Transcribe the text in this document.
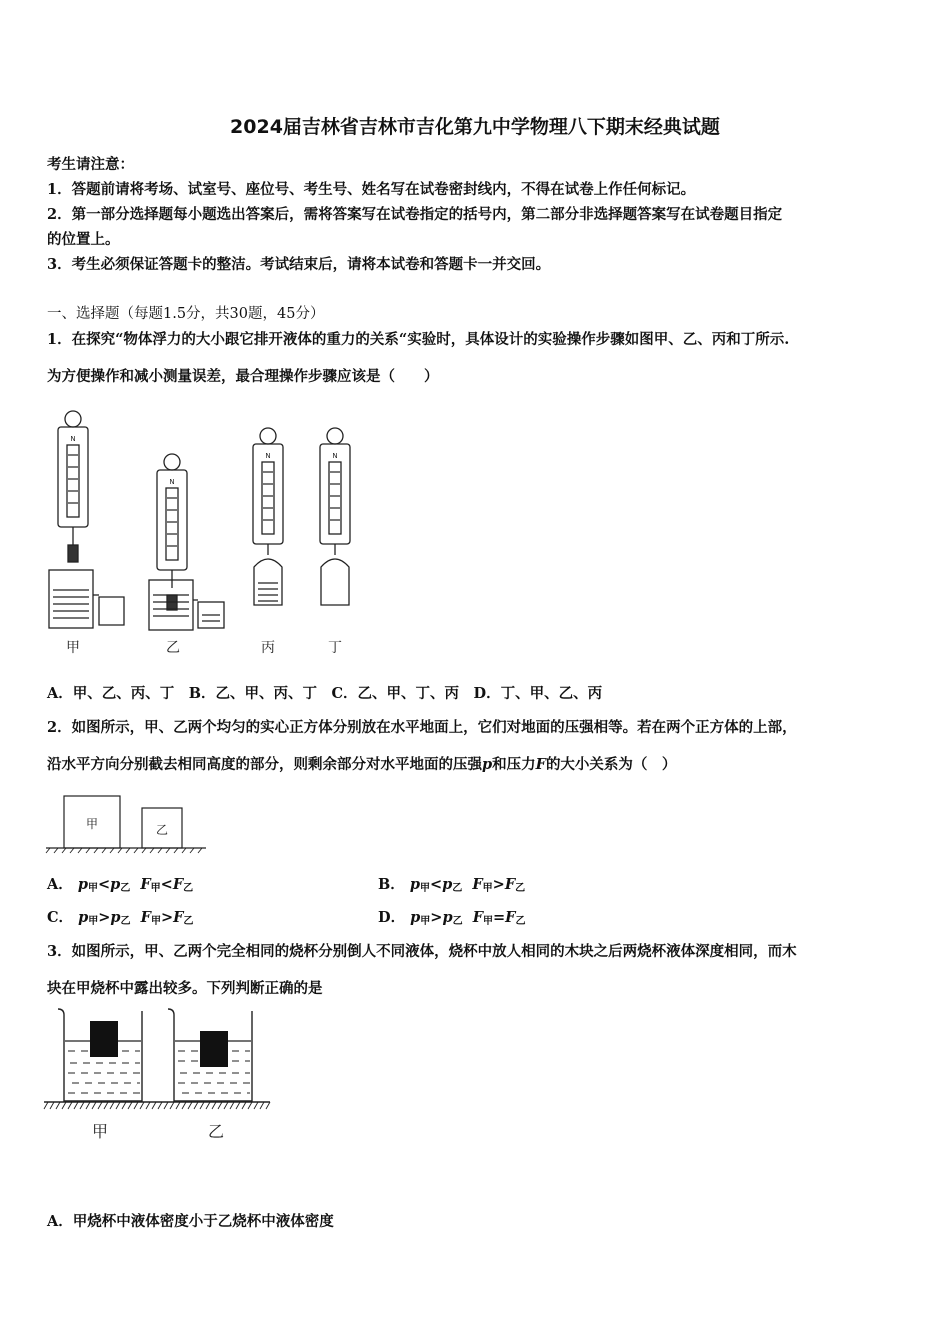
2024届吉林省吉林市吉化第九中学物理八下期末经典试题
考生请注意：
1．答题前请将考场、试室号、座位号、考生号、姓名写在试卷密封线内，不得在试卷上作任何标记。
2．第一部分选择题每小题选出答案后，需将答案写在试卷指定的括号内，第二部分非选择题答案写在试卷题目指定
的位置上。
3．考生必须保证答题卡的整洁。考试结束后，请将本试卷和答题卡一并交回。
一、选择题（每题1.5分，共30题，45分）
1．在探究“物体浮力的大小跟它排开液体的重力的关系“实验时，具体设计的实验操作步骤如图甲、乙、丙和丁所示.
为方便操作和减小测量误差，最合理操作步骤应该是（　　）
N
N
N	N
甲	乙	丙	丁
A．甲、乙、丙、丁　B．乙、甲、丙、丁　C．乙、甲、丁、丙　D．丁、甲、乙、丙
2．如图所示，甲、乙两个均匀的实心正方体分别放在水平地面上，它们对地面的压强相等。若在两个正方体的上部，
沿水平方向分别截去相同高度的部分，则剩余部分对水平地面的压强p和压力F的大小关系为（　）
甲	乙
A． $p_甲<p_乙$ $F_甲<F_乙$	B． $p_甲<p_乙$ $F_甲>F_乙$
C． $p_甲>p_乙$ $F_甲>F_乙$	D． $p_甲>p_乙$ $F_甲=F_乙$
3．如图所示，甲、乙两个完全相同的烧杯分别倒人不同液体，烧杯中放人相同的木块之后两烧杯液体深度相同，而木
块在甲烧杯中露出较多。下列判断正确的是
甲	乙
A．甲烧杯中液体密度小于乙烧杯中液体密度
